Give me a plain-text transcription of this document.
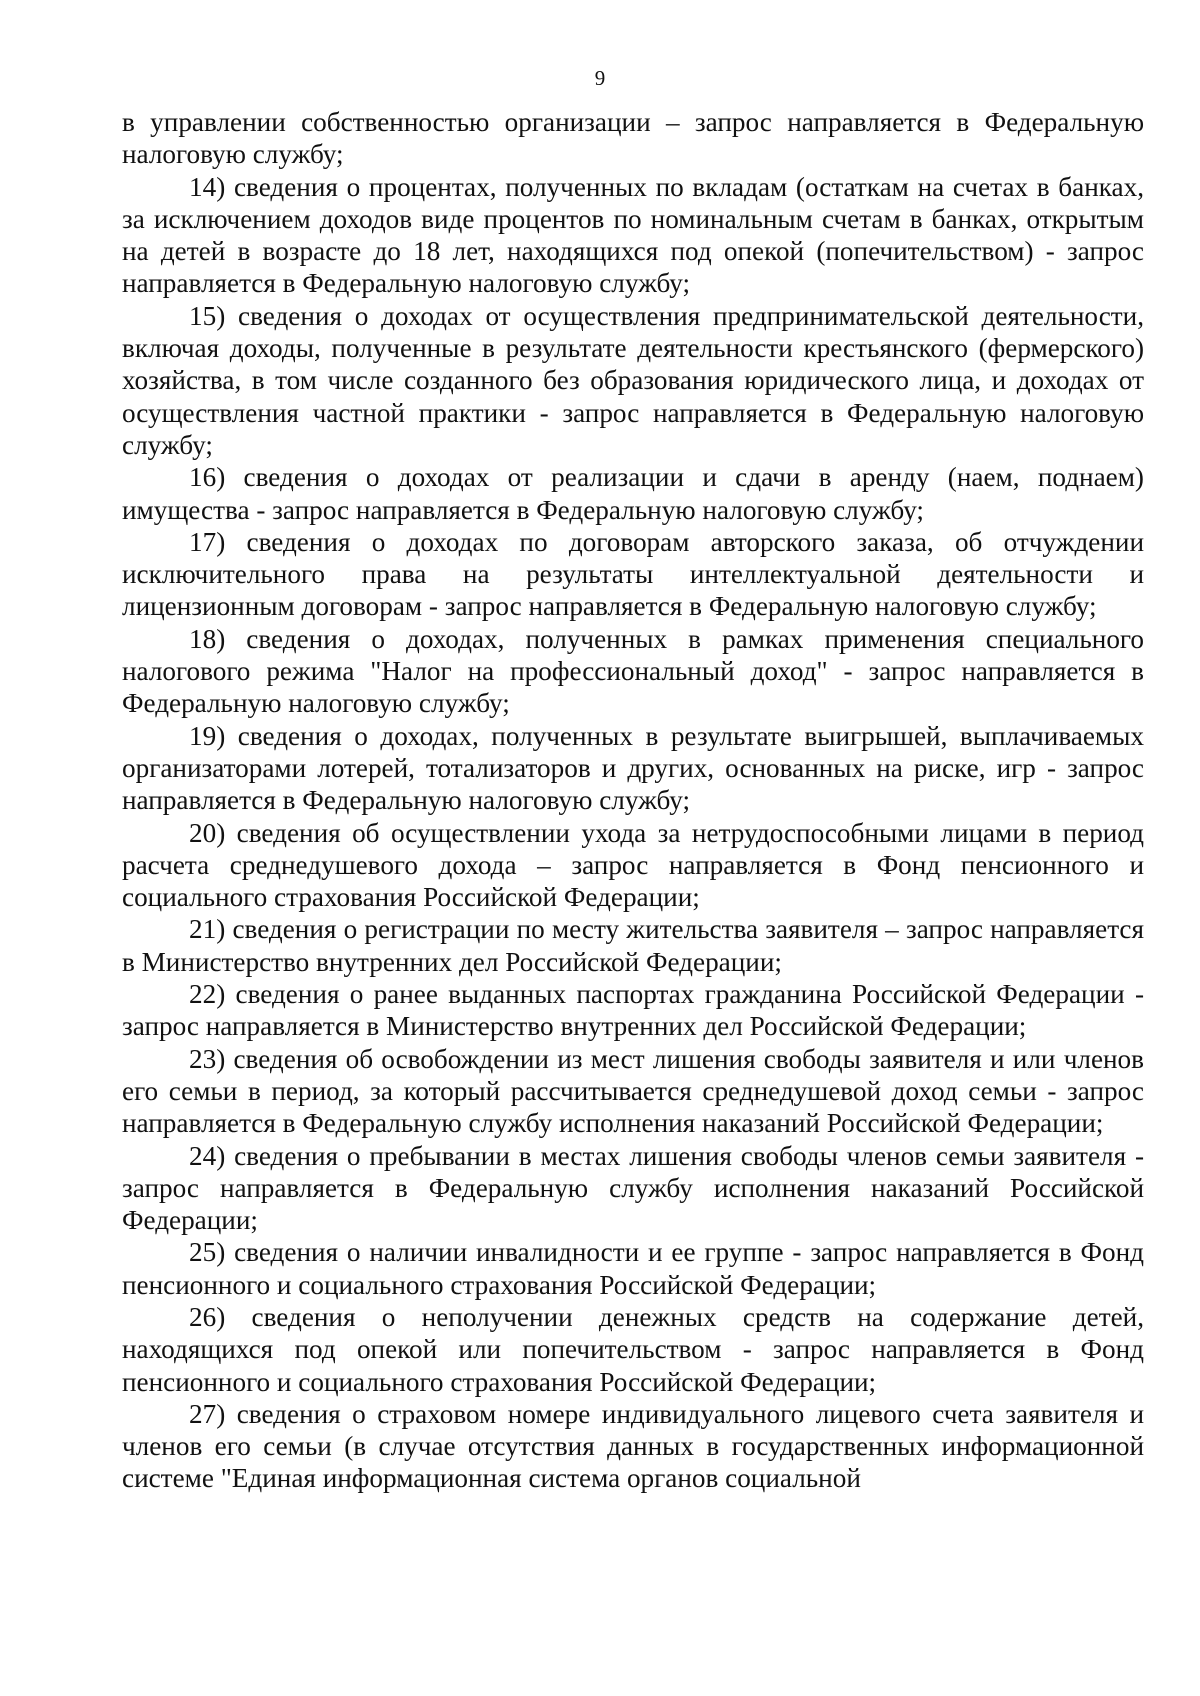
9

в управлении собственностью организации – запрос направляется в Федеральную налоговую службу;

14) сведения о процентах, полученных по вкладам (остаткам на счетах в банках, за исключением доходов виде процентов по номинальным счетам в банках, открытым на детей в возрасте до 18 лет, находящихся под опекой (попечительством) - запрос направляется в Федеральную налоговую службу;

15) сведения о доходах от осуществления предпринимательской деятельности, включая доходы, полученные в результате деятельности крестьянского (фермерского) хозяйства, в том числе созданного без образования юридического лица, и доходах от осуществления частной практики - запрос направляется в Федеральную налоговую службу;

16) сведения о доходах от реализации и сдачи в аренду (наем, поднаем) имущества - запрос направляется в Федеральную налоговую службу;

17) сведения о доходах по договорам авторского заказа, об отчуждении исключительного права на результаты интеллектуальной деятельности и лицензионным договорам - запрос направляется в Федеральную налоговую службу;

18) сведения о доходах, полученных в рамках применения специального налогового режима "Налог на профессиональный доход" - запрос направляется в Федеральную налоговую службу;

19) сведения о доходах, полученных в результате выигрышей, выплачиваемых организаторами лотерей, тотализаторов и других, основанных на риске, игр - запрос направляется в Федеральную налоговую службу;

20) сведения об осуществлении ухода за нетрудоспособными лицами в период расчета среднедушевого дохода – запрос направляется в Фонд пенсионного и социального страхования Российской Федерации;

21) сведения о регистрации по месту жительства заявителя – запрос направляется в Министерство внутренних дел Российской Федерации;

22) сведения о ранее выданных паспортах гражданина Российской Федерации - запрос направляется в Министерство внутренних дел Российской Федерации;

23) сведения об освобождении из мест лишения свободы заявителя и или членов его семьи в период, за который рассчитывается среднедушевой доход семьи - запрос направляется в Федеральную службу исполнения наказаний Российской Федерации;

24) сведения о пребывании в местах лишения свободы членов семьи заявителя - запрос направляется в Федеральную службу исполнения наказаний Российской Федерации;

25) сведения о наличии инвалидности и ее группе - запрос направляется в Фонд пенсионного и социального страхования Российской Федерации;

26) сведения о неполучении денежных средств на содержание детей, находящихся под опекой или попечительством - запрос направляется в Фонд пенсионного и социального страхования Российской Федерации;

27) сведения о страховом номере индивидуального лицевого счета заявителя и членов его семьи (в случае отсутствия данных в государственных информационной системе "Единая информационная система органов социальной
